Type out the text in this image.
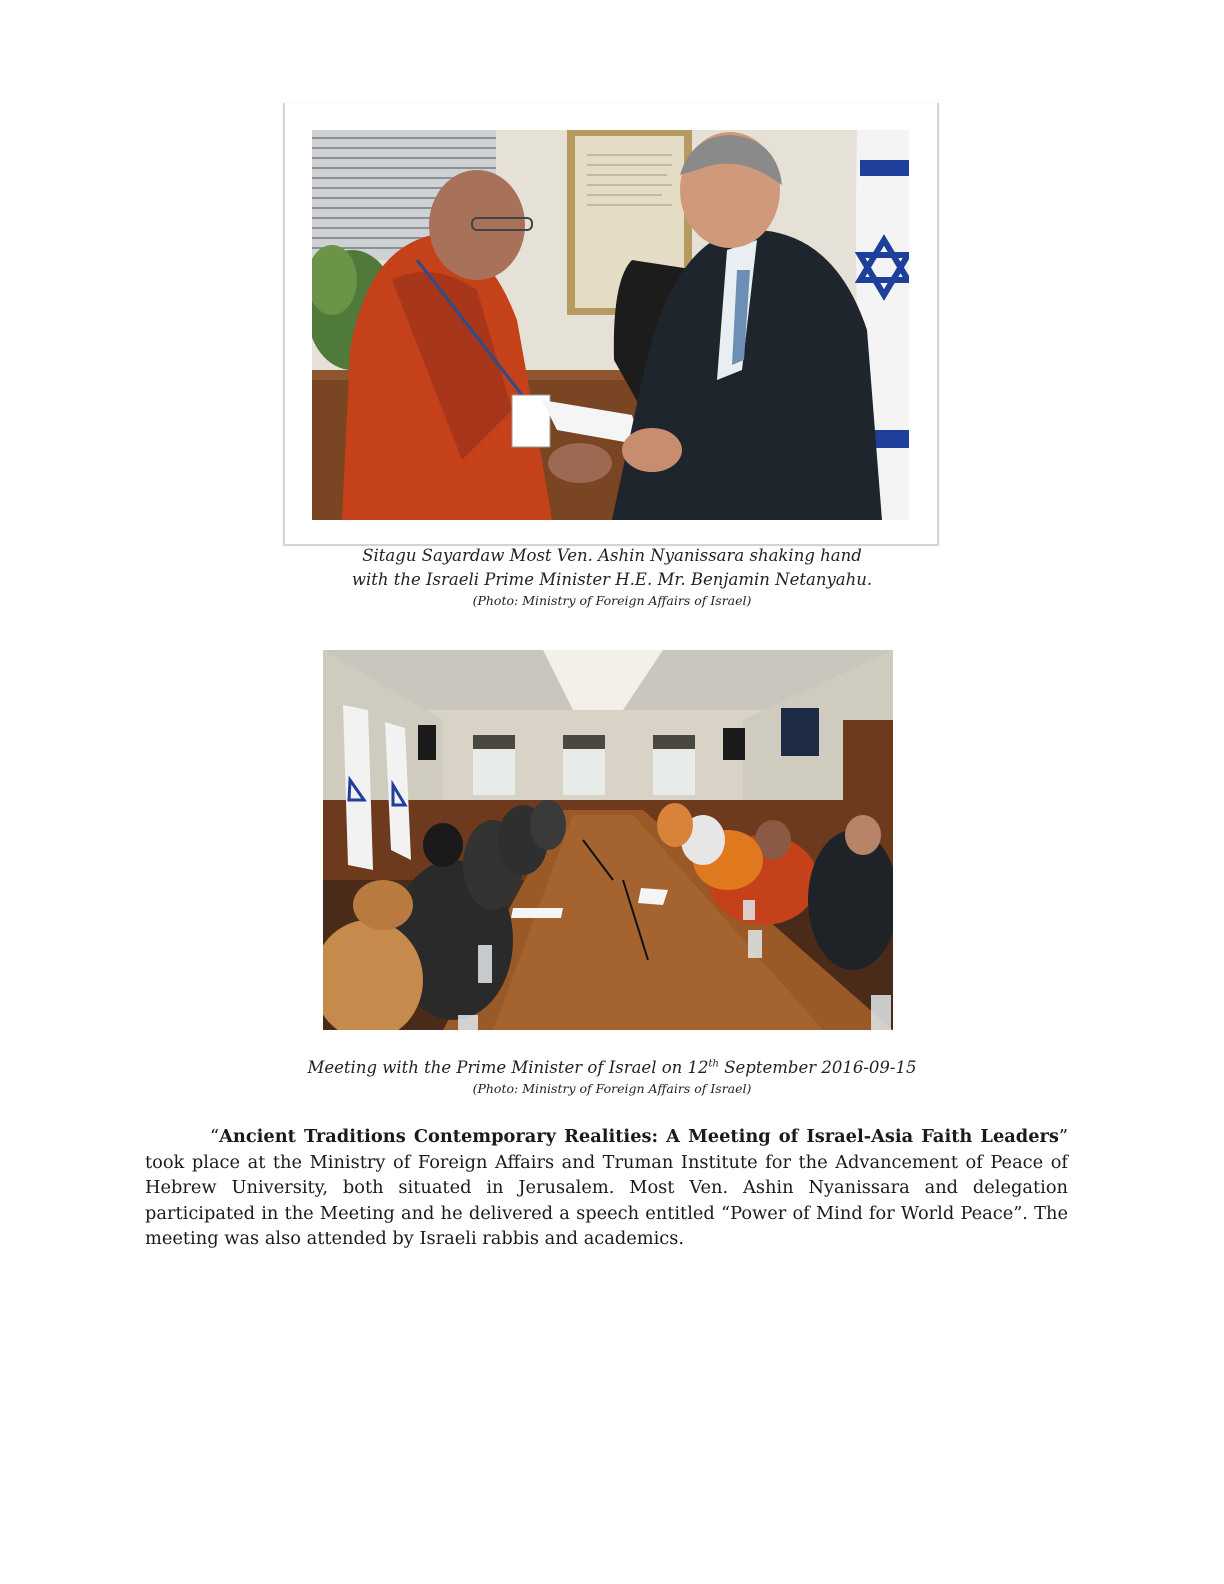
Sitagu Sayardaw Most Ven. Ashin Nyanissara shaking hand
with the Israeli Prime Minister H.E. Mr. Benjamin Netanyahu.
(Photo: Ministry of Foreign Affairs of Israel)
Meeting with the Prime Minister of Israel on 12th September 2016-09-15
(Photo: Ministry of Foreign Affairs of Israel)
“Ancient Traditions Contemporary Realities: A Meeting of Israel-Asia Faith Leaders” took place at the Ministry of Foreign Affairs and Truman Institute for the Advancement of Peace of Hebrew University, both situated in Jerusalem. Most Ven. Ashin Nyanissara and delegation participated in the Meeting and he delivered a speech entitled “Power of Mind for World Peace”. The meeting was also attended by Israeli rabbis and academics.
